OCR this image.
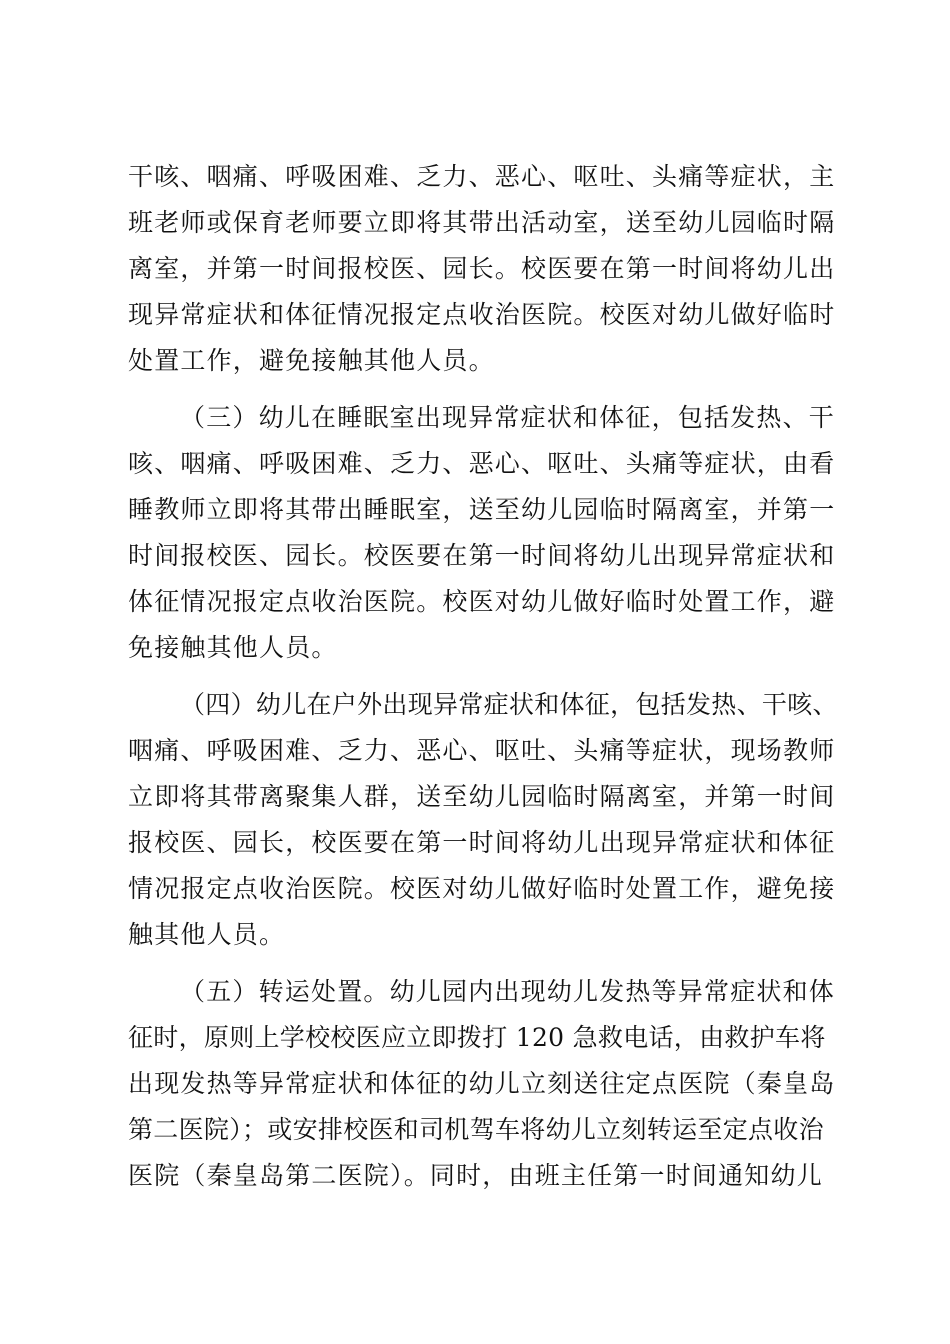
干咳、咽痛、呼吸困难、乏力、恶心、呕吐、头痛等症状，主
班老师或保育老师要立即将其带出活动室，送至幼儿园临时隔
离室，并第一时间报校医、园长。校医要在第一时间将幼儿出
现异常症状和体征情况报定点收治医院。校医对幼儿做好临时
处置工作，避免接触其他人员。
（三）幼儿在睡眠室出现异常症状和体征，包括发热、干
咳、咽痛、呼吸困难、乏力、恶心、呕吐、头痛等症状，由看
睡教师立即将其带出睡眠室，送至幼儿园临时隔离室，并第一
时间报校医、园长。校医要在第一时间将幼儿出现异常症状和
体征情况报定点收治医院。校医对幼儿做好临时处置工作，避
免接触其他人员。
（四）幼儿在户外出现异常症状和体征，包括发热、干咳、
咽痛、呼吸困难、乏力、恶心、呕吐、头痛等症状，现场教师
立即将其带离聚集人群，送至幼儿园临时隔离室，并第一时间
报校医、园长，校医要在第一时间将幼儿出现异常症状和体征
情况报定点收治医院。校医对幼儿做好临时处置工作，避免接
触其他人员。
（五）转运处置。幼儿园内出现幼儿发热等异常症状和体
征时，原则上学校校医应立即拨打 120 急救电话，由救护车将
出现发热等异常症状和体征的幼儿立刻送往定点医院（秦皇岛
第二医院）；或安排校医和司机驾车将幼儿立刻转运至定点收治
医院（秦皇岛第二医院）。同时，由班主任第一时间通知幼儿
